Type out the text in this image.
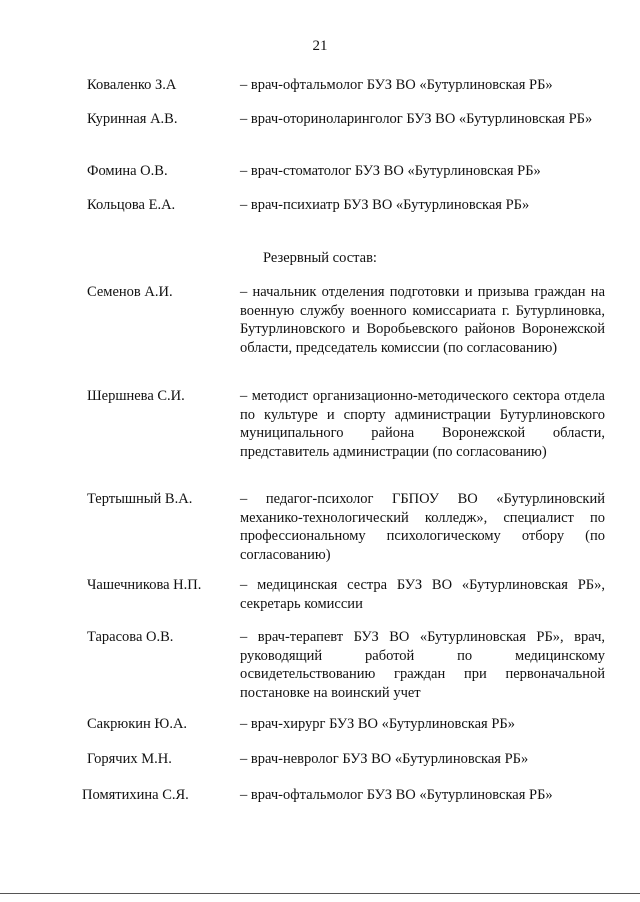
21
Коваленко З.А	– врач-офтальмолог БУЗ ВО «Бутурлиновская РБ»
Куринная А.В.	– врач-оториноларинголог БУЗ ВО «Бутурлиновская РБ»
Фомина О.В.	– врач-стоматолог БУЗ ВО «Бутурлиновская РБ»
Кольцова Е.А.	– врач-психиатр БУЗ ВО «Бутурлиновская РБ»
Резервный состав:
Семенов А.И.	– начальник отделения подготовки и призыва граждан на военную службу военного комиссариата г. Бутурлиновка, Бутурлиновского и Воробьевского районов Воронежской области, председатель комиссии (по согласованию)
Шершнева С.И.	– методист организационно-методического сектора отдела по культуре и спорту администрации Бутурлиновского муниципального района Воронежской области, представитель администрации (по согласованию)
Тертышный В.А.	– педагог-психолог ГБПОУ ВО «Бутурлиновский механико-технологический колледж», специалист по профессиональному психологическому отбору (по согласованию)
Чашечникова Н.П.	– медицинская сестра БУЗ ВО «Бутурлиновская РБ», секретарь комиссии
Тарасова О.В.	– врач-терапевт БУЗ ВО «Бутурлиновская РБ», врач, руководящий работой по медицинскому освидетельствованию граждан при первоначальной постановке на воинский учет
Сакрюкин Ю.А.	– врач-хирург БУЗ ВО «Бутурлиновская РБ»
Горячих М.Н.	– врач-невролог БУЗ ВО «Бутурлиновская РБ»
Помятихина С.Я.	– врач-офтальмолог БУЗ ВО «Бутурлиновская РБ»
